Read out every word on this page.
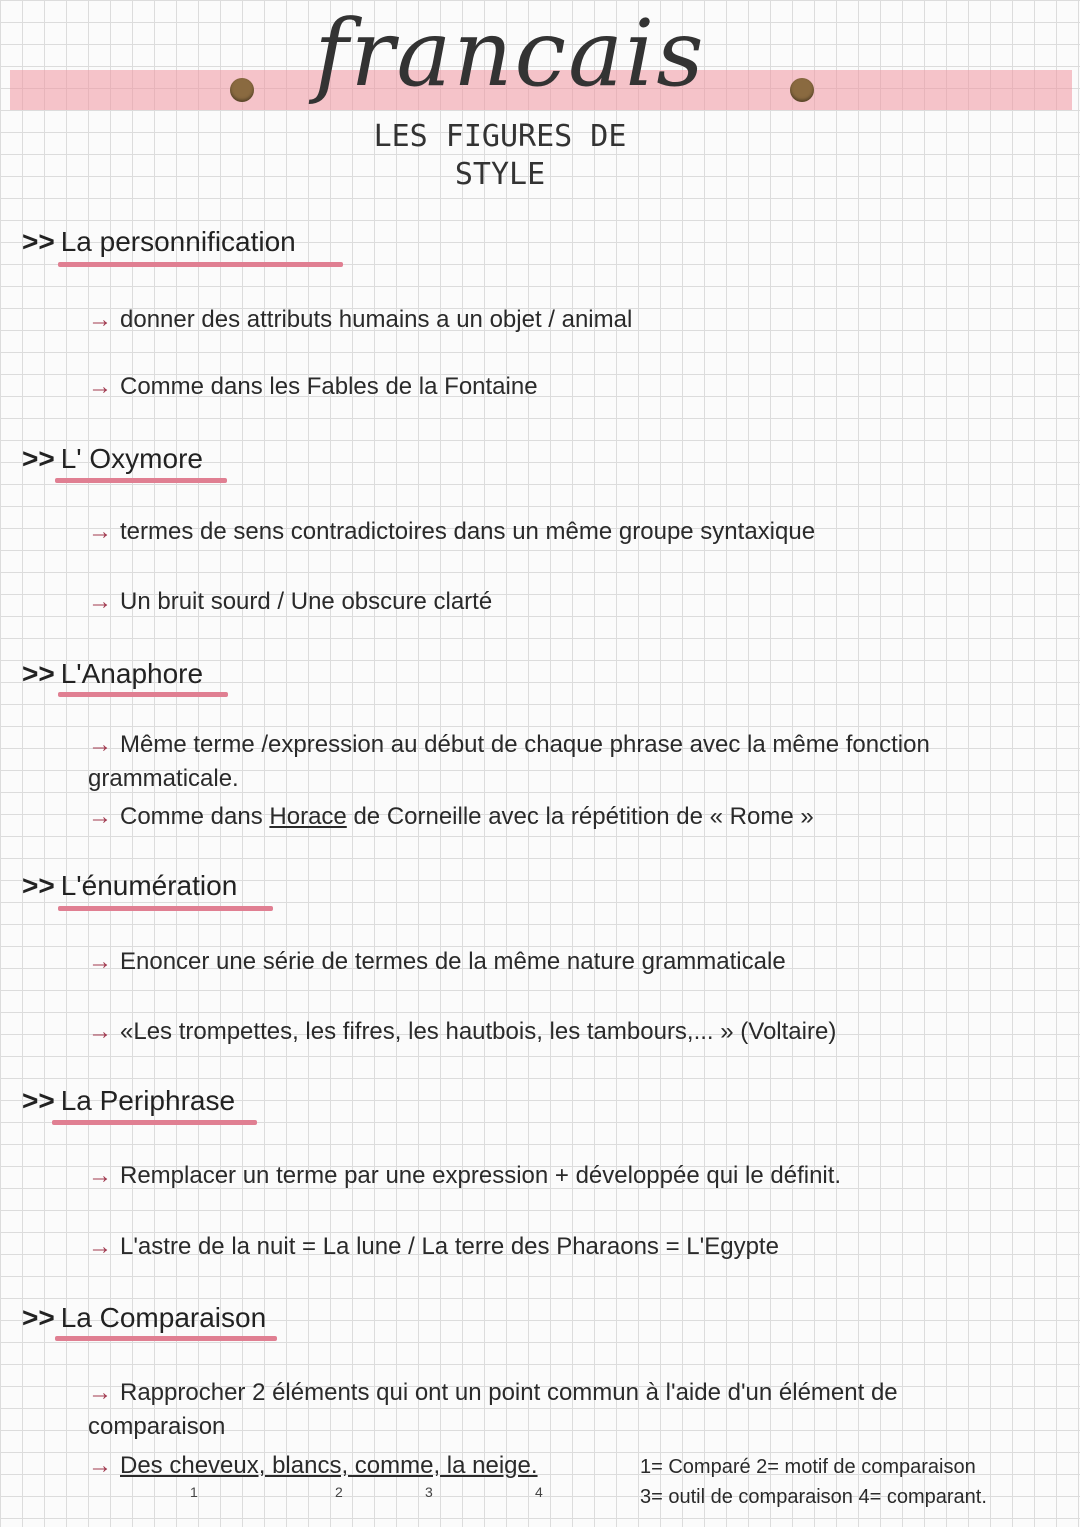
francais
LES FIGURES DE
STYLE
>> La personnification
→ donner des attributs humains a un objet / animal
→ Comme dans les Fables de la Fontaine
>> L' Oxymore
→ termes de sens contradictoires dans un même groupe syntaxique
→ Un bruit sourd / Une obscure clarté
>> L'Anaphore
→ Même terme /expression au début de chaque phrase avec la même fonction grammaticale.
→ Comme dans Horace de Corneille avec la répétition de « Rome »
>> L'énumération
→ Enoncer une série de termes de la même nature grammaticale
→ «Les trompettes, les fifres, les hautbois, les tambours,... » (Voltaire)
>> La Periphrase
→ Remplacer un terme par une expression + développée qui le définit.
→ L'astre de la nuit = La lune / La terre des Pharaons = L'Egypte
>> La Comparaison
→ Rapprocher 2 éléments qui ont un point commun à l'aide d'un élément de comparaison
→ Des cheveux, blancs, comme, la neige.
1	2	3	4
1= Comparé 2= motif de comparaison
3= outil de comparaison 4= comparant.
